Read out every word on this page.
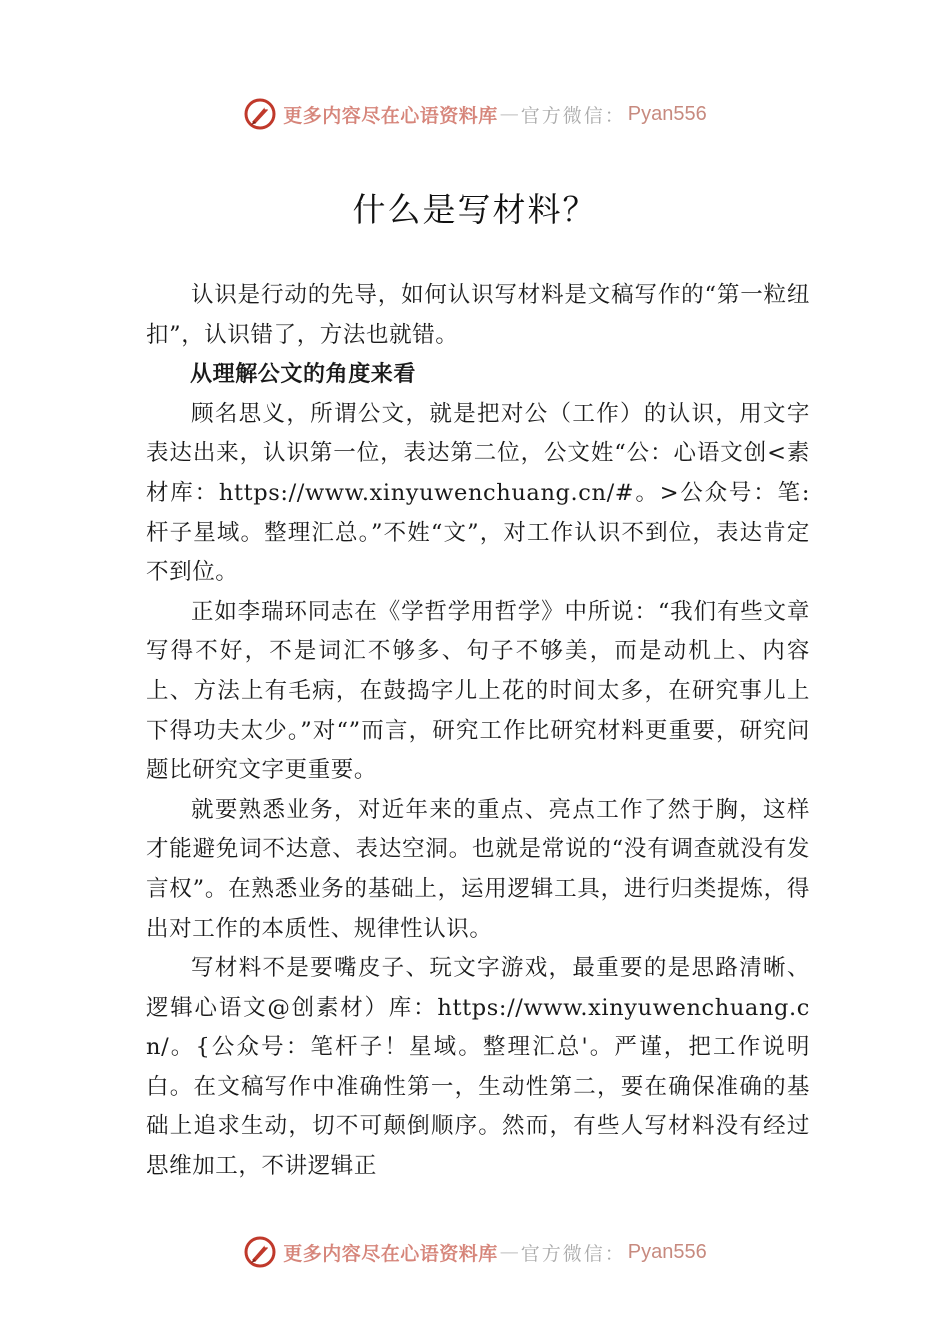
更多内容尽在心语资料库 — 官方微信： Pyan556
什么是写材料？

认识是行动的先导，如何认识写材料是文稿写作的“第一粒纽扣”，认识错了，方法也就错。

从理解公文的角度来看

顾名思义，所谓公文，就是把对公（工作）的认识，用文字表达出来，认识第一位，表达第二位，公文姓“公：心语文创<素材库：https://www.xinyuwenchuang.cn/#。>公众号：笔:杆子星域。整理汇总。”不姓“文”，对工作认识不到位，表达肯定不到位。

正如李瑞环同志在《学哲学用哲学》中所说：“我们有些文章写得不好，不是词汇不够多、句子不够美，而是动机上、内容上、方法上有毛病，在鼓捣字儿上花的时间太多，在研究事儿上下得功夫太少。”对“”而言，研究工作比研究材料更重要，研究问题比研究文字更重要。

就要熟悉业务，对近年来的重点、亮点工作了然于胸，这样才能避免词不达意、表达空洞。也就是常说的“没有调查就没有发言权”。在熟悉业务的基础上，运用逻辑工具，进行归类提炼，得出对工作的本质性、规律性认识。

写材料不是要嘴皮子、玩文字游戏，最重要的是思路清晰、逻辑心语文@创素材）库：https://www.xinyuwenchuang.cn/。{公众号：笔杆子！星域。整理汇总'。严谨，把工作说明白。在文稿写作中准确性第一，生动性第二，要在确保准确的基础上追求生动，切不可颠倒顺序。然而，有些人写材料没有经过思维加工，不讲逻辑正

更多内容尽在心语资料库 — 官方微信： Pyan556
